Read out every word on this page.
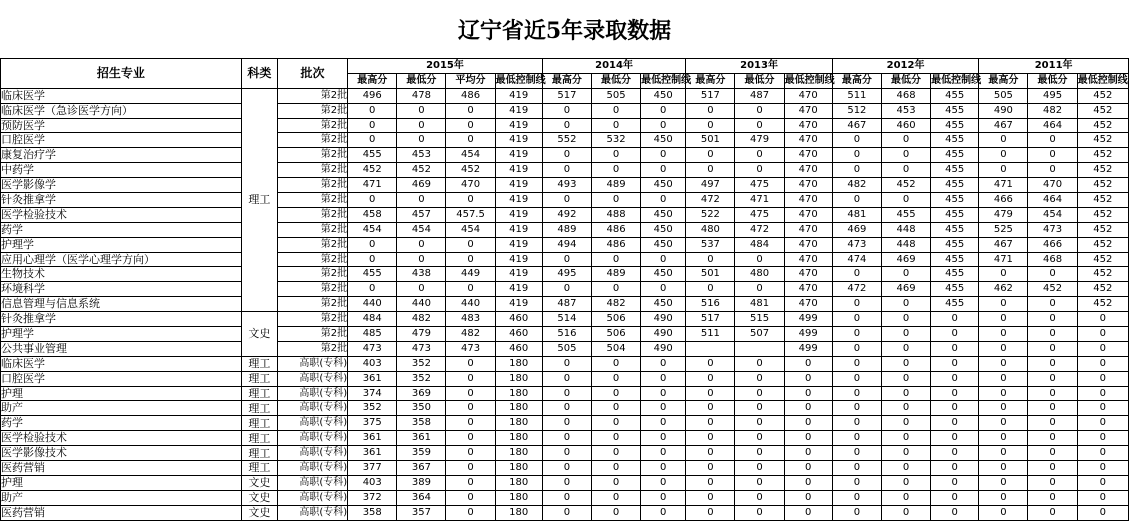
辽宁省近5年录取数据
招生专业	科类	批次	2015年				2014年			2013年			2012年			2011年		
			最高分	最低分	平均分	最低控制线	最高分	最低分	最低控制线	最高分	最低分	最低控制线	最高分	最低分	最低控制线	最高分	最低分	最低控制线
临床医学	理工	第2批	496	478	486	419	517	505	450	517	487	470	511	468	455	505	495	452
临床医学（急诊医学方向）		第2批	0	0	0	419	0	0	0	0	0	470	512	453	455	490	482	452
预防医学		第2批	0	0	0	419	0	0	0	0	0	470	467	460	455	467	464	452
口腔医学		第2批	0	0	0	419	552	532	450	501	479	470	0	0	455	0	0	452
康复治疗学		第2批	455	453	454	419	0	0	0	0	0	470	0	0	455	0	0	452
中药学		第2批	452	452	452	419	0	0	0	0	0	470	0	0	455	0	0	452
医学影像学		第2批	471	469	470	419	493	489	450	497	475	470	482	452	455	471	470	452
针灸推拿学		第2批	0	0	0	419	0	0	0	472	471	470	0	0	455	466	464	452
医学检验技术		第2批	458	457	457.5	419	492	488	450	522	475	470	481	455	455	479	454	452
药学		第2批	454	454	454	419	489	486	450	480	472	470	469	448	455	525	473	452
护理学		第2批	0	0	0	419	494	486	450	537	484	470	473	448	455	467	466	452
应用心理学（医学心理学方向）		第2批	0	0	0	419	0	0	0	0	0	470	474	469	455	471	468	452
生物技术		第2批	455	438	449	419	495	489	450	501	480	470	0	0	455	0	0	452
环境科学		第2批	0	0	0	419	0	0	0	0	0	470	472	469	455	462	452	452
信息管理与信息系统		第2批	440	440	440	419	487	482	450	516	481	470	0	0	455	0	0	452
针灸推拿学	文史	第2批	484	482	483	460	514	506	490	517	515	499	0	0	0	0	0	0
护理学		第2批	485	479	482	460	516	506	490	511	507	499	0	0	0	0	0	0
公共事业管理		第2批	473	473	473	460	505	504	490			499	0	0	0	0	0	0
临床医学	理工	高职(专科)	403	352	0	180	0	0	0	0	0	0	0	0	0	0	0	0
口腔医学	理工	高职(专科)	361	352	0	180	0	0	0	0	0	0	0	0	0	0	0	0
护理	理工	高职(专科)	374	369	0	180	0	0	0	0	0	0	0	0	0	0	0	0
助产	理工	高职(专科)	352	350	0	180	0	0	0	0	0	0	0	0	0	0	0	0
药学	理工	高职(专科)	375	358	0	180	0	0	0	0	0	0	0	0	0	0	0	0
医学检验技术	理工	高职(专科)	361	361	0	180	0	0	0	0	0	0	0	0	0	0	0	0
医学影像技术	理工	高职(专科)	361	359	0	180	0	0	0	0	0	0	0	0	0	0	0	0
医药营销	理工	高职(专科)	377	367	0	180	0	0	0	0	0	0	0	0	0	0	0	0
护理	文史	高职(专科)	403	389	0	180	0	0	0	0	0	0	0	0	0	0	0	0
助产	文史	高职(专科)	372	364	0	180	0	0	0	0	0	0	0	0	0	0	0	0
医药营销	文史	高职(专科)	358	357	0	180	0	0	0	0	0	0	0	0	0	0	0	0
